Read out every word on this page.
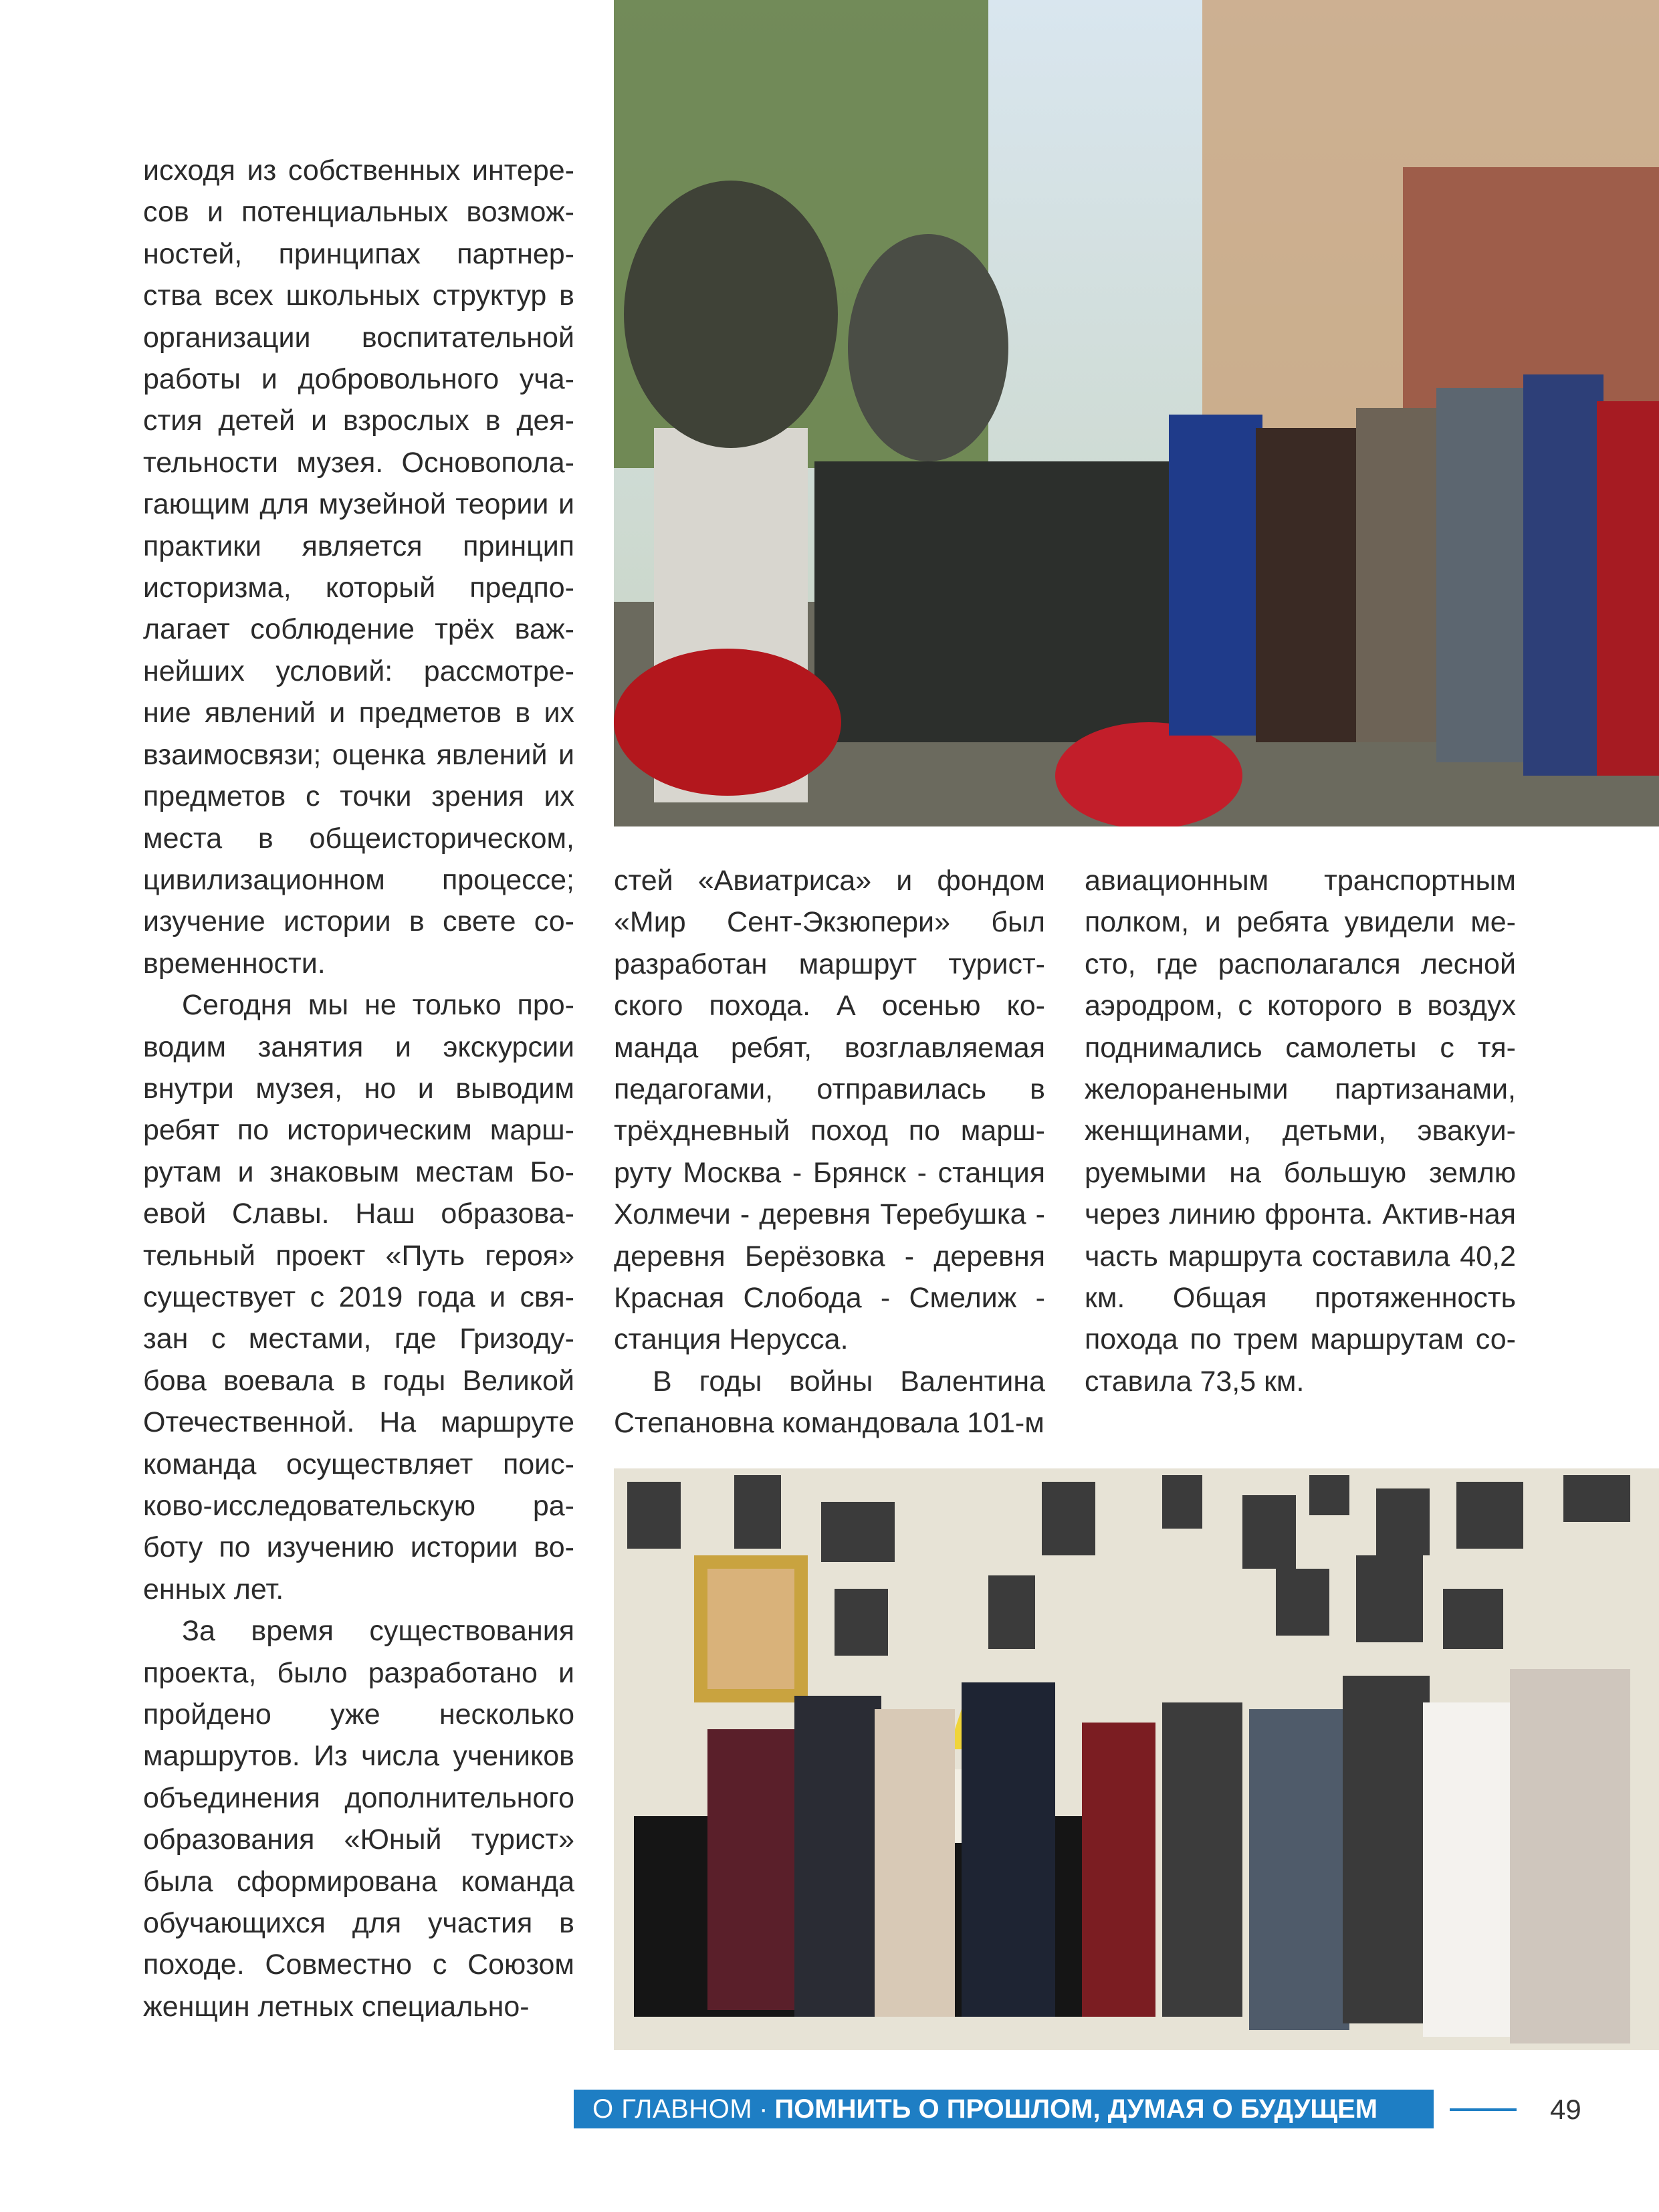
исходя из собственных интере-сов и потенциальных возмож-ностей, принципах партнер-ства всех школьных структур в организации воспитательной работы и добровольного уча-стия детей и взрослых в дея-тельности музея. Основопола-гающим для музейной теории и практики является принцип историзма, который предпо-лагает соблюдение трёх важ-нейших условий: рассмотре-ние явлений и предметов в их взаимосвязи; оценка явлений и предметов с точки зрения их места в общеисторическом, цивилизационном процессе; изучение истории в свете со-временности.

Сегодня мы не только про-водим занятия и экскурсии внутри музея, но и выводим ребят по историческим марш-рутам и знаковым местам Бо-евой Славы. Наш образова-тельный проект «Путь героя» существует с 2019 года и свя-зан с местами, где Гризоду-бова воевала в годы Великой Отечественной. На маршруте команда осуществляет поис-ково-исследовательскую ра-боту по изучению истории во-енных лет.

За время существования проекта, было разработано и пройдено уже несколько маршрутов. Из числа учеников объединения дополнительного образования «Юный турист» была сформирована команда обучающихся для участия в походе. Совместно с Союзом женщин летных специально-

стей «Авиатриса» и фондом «Мир Сент-Экзюпери» был разработан маршрут турист-ского похода. А осенью ко-манда ребят, возглавляемая педагогами, отправилась в трёхдневный поход по марш-руту Москва - Брянск - станция Холмечи - деревня Теребушка - деревня Берёзовка - деревня Красная Слобода - Смелиж - станция Нерусса.

В годы войны Валентина Степановна командовала 101-м

авиационным транспортным полком, и ребята увидели ме-сто, где располагался лесной аэродром, с которого в воздух поднимались самолеты с тя-желоранеными партизанами, женщинами, детьми, эвакуи-руемыми на большую землю через линию фронта. Актив-ная часть маршрута составила 40,2 км. Общая протяженность похода по трем маршрутам со-ставила 73,5 км.

О ГЛАВНОМ · ПОМНИТЬ О ПРОШЛОМ, ДУМАЯ О БУДУЩЕМ	49
